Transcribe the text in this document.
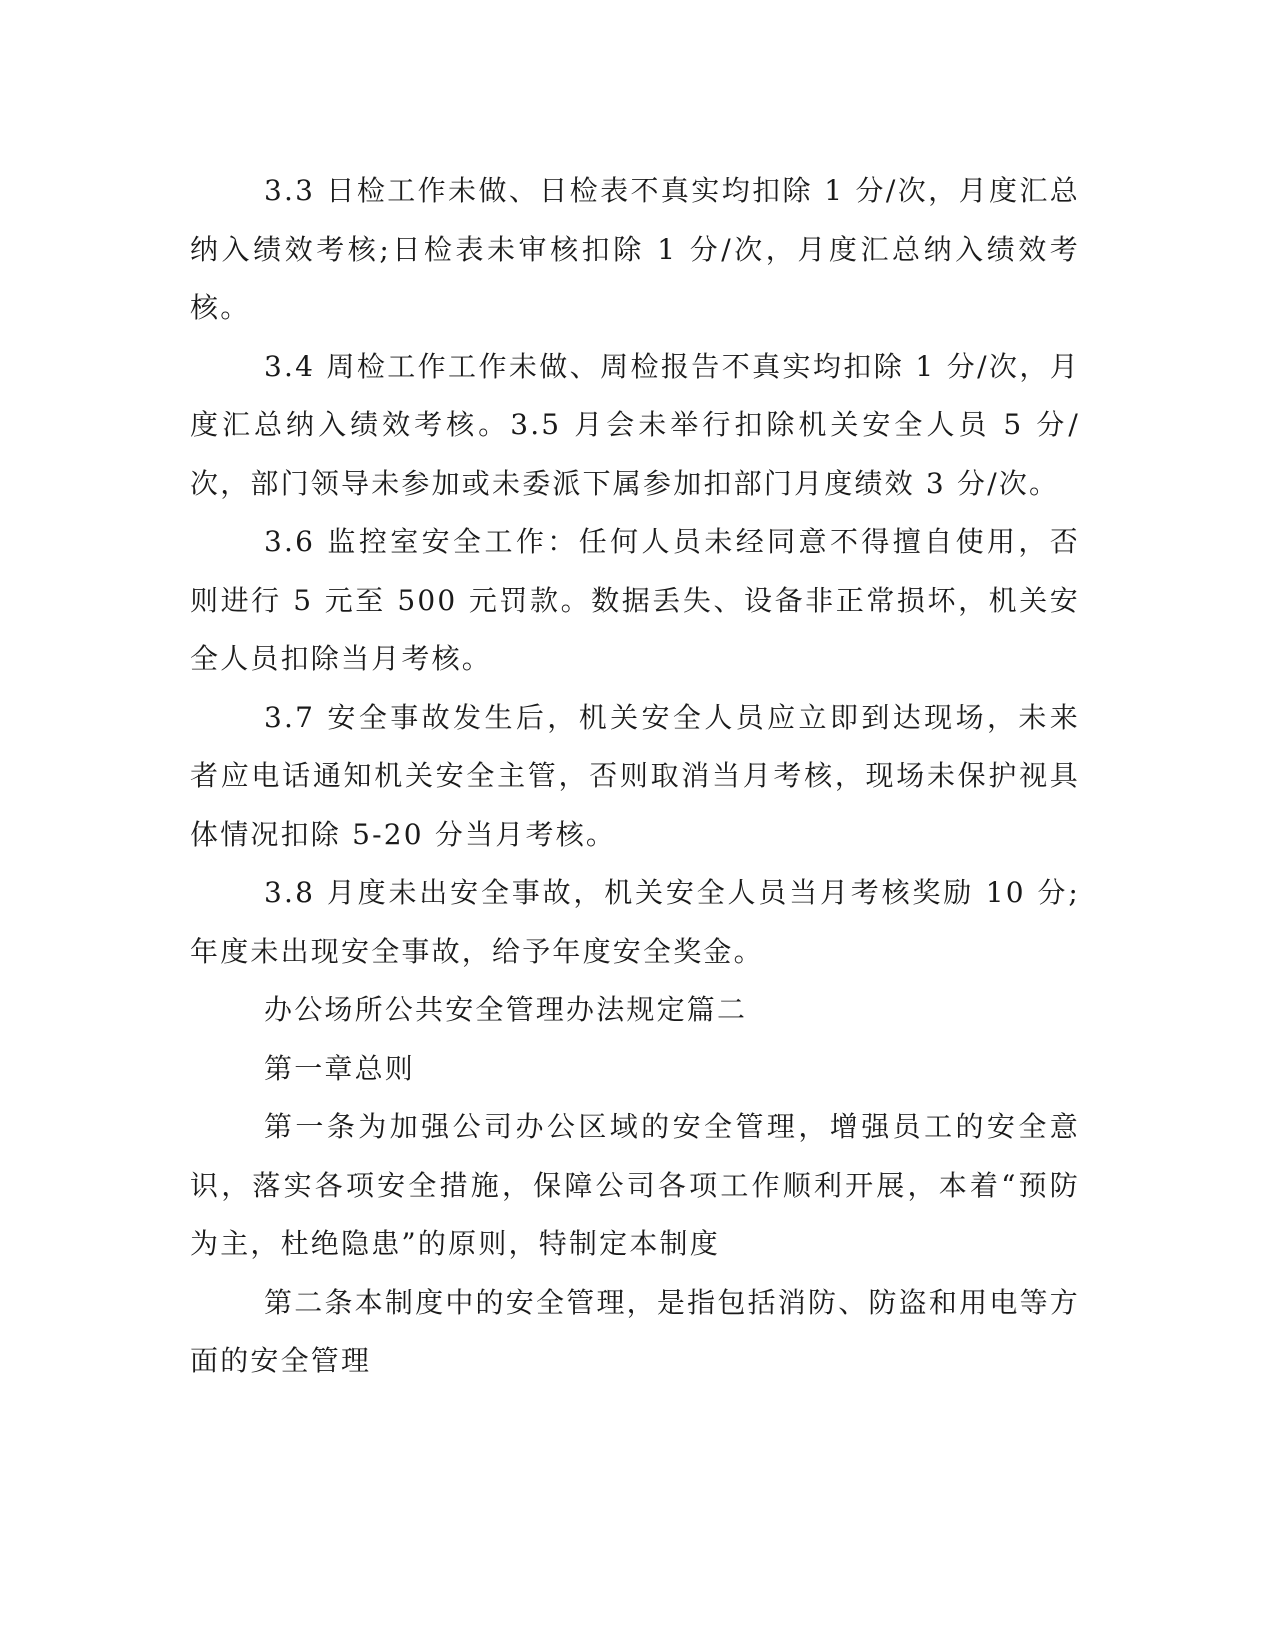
3.3 日检工作未做、日检表不真实均扣除 1 分/次，月度汇总纳入绩效考核;日检表未审核扣除 1 分/次，月度汇总纳入绩效考核。

3.4 周检工作工作未做、周检报告不真实均扣除 1 分/次，月度汇总纳入绩效考核。3.5 月会未举行扣除机关安全人员 5 分/次，部门领导未参加或未委派下属参加扣部门月度绩效 3 分/次。

3.6 监控室安全工作：任何人员未经同意不得擅自使用，否则进行 5 元至 500 元罚款。数据丢失、设备非正常损坏，机关安全人员扣除当月考核。

3.7 安全事故发生后，机关安全人员应立即到达现场，未来者应电话通知机关安全主管，否则取消当月考核，现场未保护视具体情况扣除 5-20 分当月考核。

3.8 月度未出安全事故，机关安全人员当月考核奖励 10 分;年度未出现安全事故，给予年度安全奖金。

办公场所公共安全管理办法规定篇二

第一章总则

第一条为加强公司办公区域的安全管理，增强员工的安全意识，落实各项安全措施，保障公司各项工作顺利开展，本着“预防为主，杜绝隐患”的原则，特制定本制度

第二条本制度中的安全管理，是指包括消防、防盗和用电等方面的安全管理
